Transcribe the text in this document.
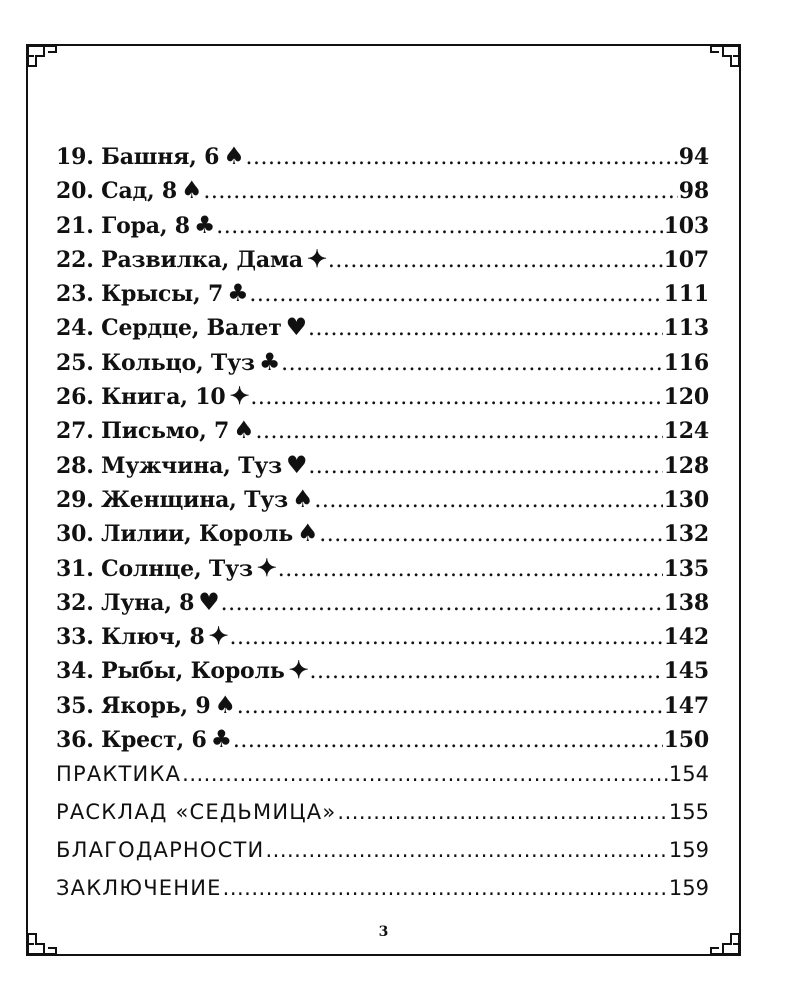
19. Башня, 6 ♠ .....	94
20. Сад, 8 ♠ .....	98
21. Гора, 8 ♣ .....	103
22. Развилка, Дама ✦ .....	107
23. Крысы, 7 ♣ .....	111
24. Сердце, Валет ♥ .....	113
25. Кольцо, Туз ♣ .....	116
26. Книга, 10 ✦ .....	120
27. Письмо, 7 ♠ .....	124
28. Мужчина, Туз ♥ .....	128
29. Женщина, Туз ♠ .....	130
30. Лилии, Король ♠ .....	132
31. Солнце, Туз ✦ .....	135
32. Луна, 8 ♥ .....	138
33. Ключ, 8 ✦ .....	142
34. Рыбы, Король ✦ .....	145
35. Якорь, 9 ♠ .....	147
36. Крест, 6 ♣ .....	150
ПРАКТИКА .....	154
РАСКЛАД «СЕДЬМИЦА» .....	155
БЛАГОДАРНОСТИ .....	159
ЗАКЛЮЧЕНИЕ .....	159
3
